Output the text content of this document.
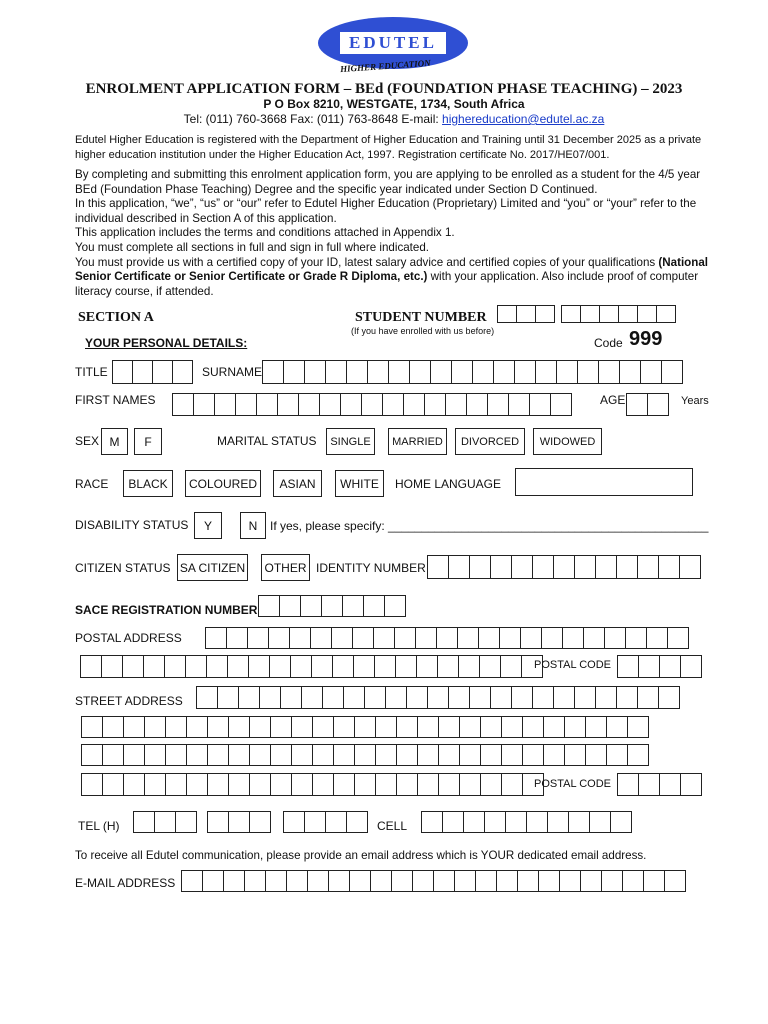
EDUTEL
HIGHER EDUCATION
ENROLMENT APPLICATION FORM – BEd (FOUNDATION PHASE TEACHING) – 2023
P O Box 8210, WESTGATE, 1734, South Africa
Tel: (011) 760-3668 Fax: (011) 763-8648 E-mail: highereducation@edutel.ac.za

Edutel Higher Education is registered with the Department of Higher Education and Training until 31 December 2025 as a private

higher education institution under the Higher Education Act, 1997. Registration certificate No. 2017/HE07/001.

By completing and submitting this enrolment application form, you are applying to be enrolled as a student for the 4/5 year BEd (Foundation Phase Teaching) Degree and the specific year indicated under Section D Continued.

In this application, “we”, “us” or “our” refer to Edutel Higher Education (Proprietary) Limited and “you” or “your” refer to the individual described in Section A of this application.

This application includes the terms and conditions attached in Appendix 1.

You must complete all sections in full and sign in full where indicated.

You must provide us with a certified copy of your ID, latest salary advice and certified copies of your qualifications (National Senior Certificate or Senior Certificate or Grade R Diploma, etc.) with your application. Also include proof of computer literacy course, if attended.

SECTION A	STUDENT NUMBER
(If you have enrolled with us before)
YOUR PERSONAL DETAILS:	Code 999
TITLE	SURNAME
FIRST NAMES	AGE	Years
SEX M	F	MARITAL STATUS	SINGLE	MARRIED	DIVORCED	WIDOWED
RACE	BLACK	COLOURED	ASIAN	WHITE	HOME LANGUAGE
DISABILITY STATUS	Y	N	If yes, please specify: ________________________________________________
CITIZEN STATUS SA CITIZEN OTHER IDENTITY NUMBER
SACE REGISTRATION NUMBER
POSTAL ADDRESS
POSTAL CODE
STREET ADDRESS
POSTAL CODE
TEL (H)	CELL
To receive all Edutel communication, please provide an email address which is YOUR dedicated email address.
E-MAIL ADDRESS
